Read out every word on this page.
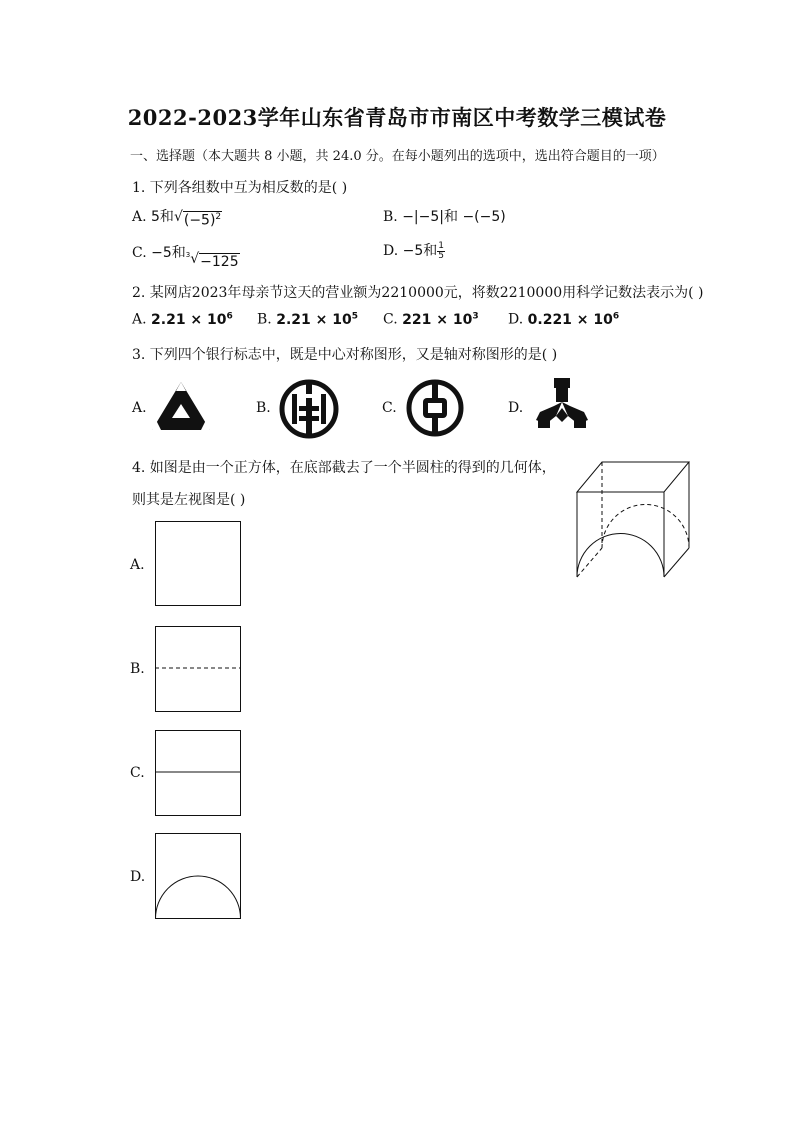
2022-2023学年山东省青岛市市南区中考数学三模试卷
一、选择题（本大题共 8 小题，共 24.0 分。在每小题列出的选项中，选出符合题目的一项）
1. 下列各组数中互为相反数的是( )
A. 5和 √ $(-5)^2$	B. −|−5|和 −(−5)
C. −5和 3 √ −125
D. −5和 $\frac{1}{5}$
2. 某网店2023年母亲节这天的营业额为2210000元，将数2210000用科学记数法表示为( )
A. $2.21 \times 10^6$ B. $2.21 \times 10^5$ C. $221 \times 10^3$ D. $0.221 \times 10^6$
3. 下列四个银行标志中，既是中心对称图形，又是轴对称图形的是( )
A.	B.	C.	D.
4. 如图是由一个正方体，在底部截去了一个半圆柱的得到的几何体，
则其是左视图是( )
A.
B.
C.
D.
